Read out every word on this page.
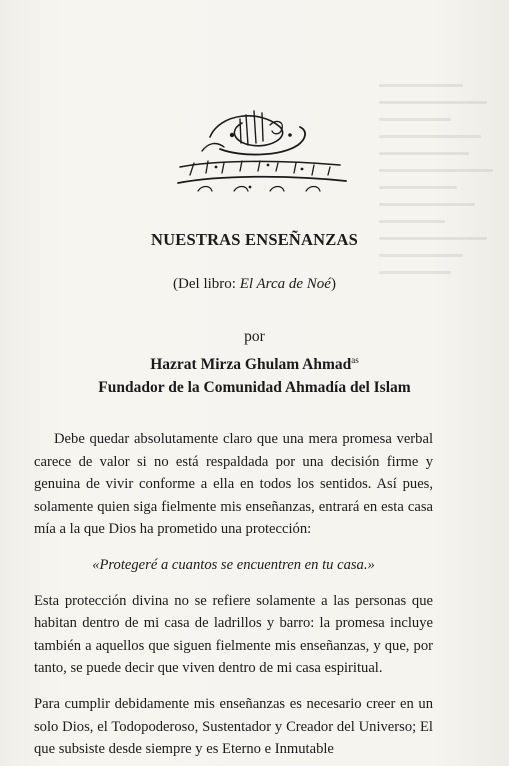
NUESTRAS ENSEÑANZAS
(Del libro: El Arca de Noé)
por
Hazrat Mirza Ghulam Ahmad$^{as}$
Fundador de la Comunidad Ahmadía del Islam

Debe quedar absolutamente claro que una mera promesa verbal carece de valor si no está respaldada por una decisión firme y genuina de vivir conforme a ella en todos los sentidos. Así pues, solamente quien siga fielmente mis enseñanzas, entrará en esta casa mía a la que Dios ha prometido una protección:

«Protegeré a cuantos se encuentren en tu casa.»

Esta protección divina no se refiere solamente a las personas que habitan dentro de mi casa de ladrillos y barro: la promesa incluye también a aquellos que siguen fielmente mis enseñanzas, y que, por tanto, se puede decir que viven dentro de mi casa espiritual.

Para cumplir debidamente mis enseñanzas es necesario creer en un solo Dios, el Todopoderoso, Sustentador y Creador del Universo; El que subsiste desde siempre y es Eterno e Inmutable
